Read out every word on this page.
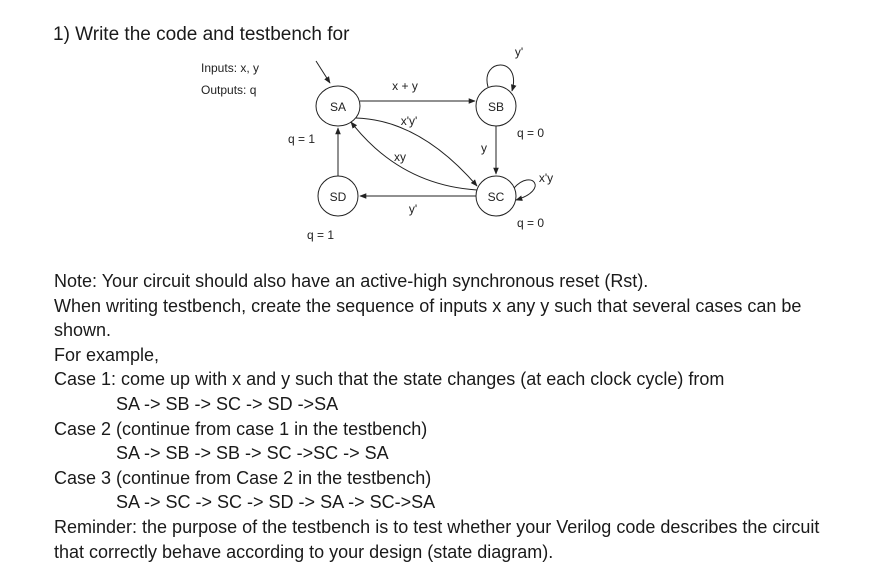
1) Write the code and testbench for
Inputs: x, y
Outputs: q
SA	SB
SD	SC
x + y
x'y'
xy
y'
y
y'
x'y
q = 1	q = 0
q = 0
q = 1
Note: Your circuit should also have an active-high synchronous reset (Rst).
When writing testbench, create the sequence of inputs x any y such that several cases can be shown.
For example,
Case 1: come up with x and y such that the state changes (at each clock cycle) from
SA -> SB -> SC -> SD ->SA
Case 2 (continue from case 1 in the testbench)
SA -> SB -> SB -> SC ->SC -> SA
Case 3 (continue from Case 2 in the testbench)
SA -> SC -> SC -> SD -> SA -> SC->SA
Reminder: the purpose of the testbench is to test whether your Verilog code describes the circuit that correctly behave according to your design (state diagram).
